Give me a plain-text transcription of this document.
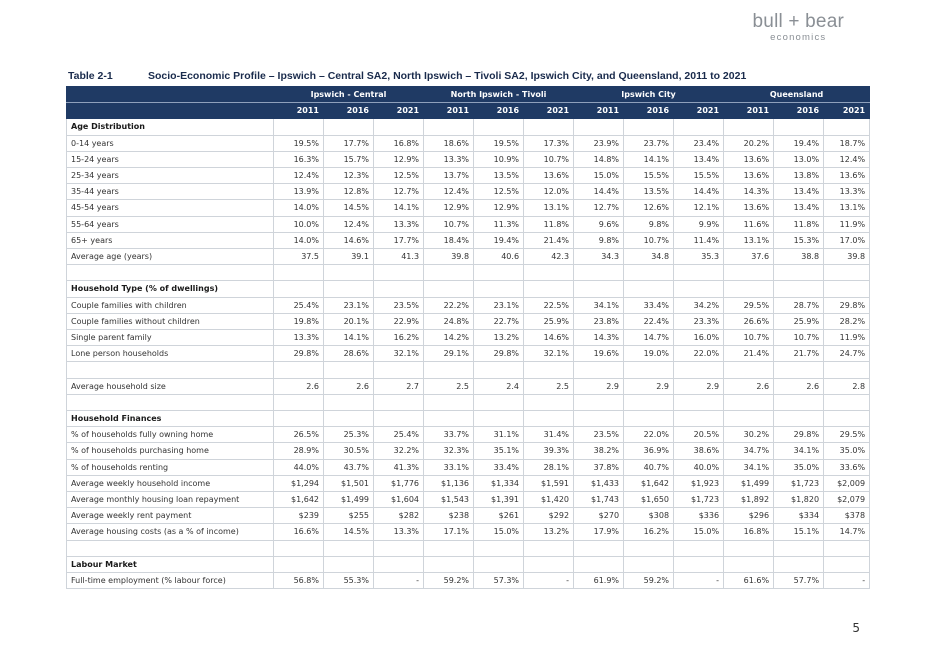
bull + bear
economics
Table 2-1	Socio-Economic Profile – Ipswich – Central SA2, North Ipswich – Tivoli SA2, Ipswich City, and Queensland, 2011 to 2021
	Ipswich - Central			North Ipswich - Tivoli			Ipswich City			Queensland		
	2011	2016	2021	2011	2016	2021	2011	2016	2021	2011	2016	2021
Age Distribution												
0-14 years	19.5%	17.7%	16.8%	18.6%	19.5%	17.3%	23.9%	23.7%	23.4%	20.2%	19.4%	18.7%
15-24 years	16.3%	15.7%	12.9%	13.3%	10.9%	10.7%	14.8%	14.1%	13.4%	13.6%	13.0%	12.4%
25-34 years	12.4%	12.3%	12.5%	13.7%	13.5%	13.6%	15.0%	15.5%	15.5%	13.6%	13.8%	13.6%
35-44 years	13.9%	12.8%	12.7%	12.4%	12.5%	12.0%	14.4%	13.5%	14.4%	14.3%	13.4%	13.3%
45-54 years	14.0%	14.5%	14.1%	12.9%	12.9%	13.1%	12.7%	12.6%	12.1%	13.6%	13.4%	13.1%
55-64 years	10.0%	12.4%	13.3%	10.7%	11.3%	11.8%	9.6%	9.8%	9.9%	11.6%	11.8%	11.9%
65+ years	14.0%	14.6%	17.7%	18.4%	19.4%	21.4%	9.8%	10.7%	11.4%	13.1%	15.3%	17.0%
Average age (years)	37.5	39.1	41.3	39.8	40.6	42.3	34.3	34.8	35.3	37.6	38.8	39.8

Household Type (% of dwellings)												
Couple families with children	25.4%	23.1%	23.5%	22.2%	23.1%	22.5%	34.1%	33.4%	34.2%	29.5%	28.7%	29.8%
Couple families without children	19.8%	20.1%	22.9%	24.8%	22.7%	25.9%	23.8%	22.4%	23.3%	26.6%	25.9%	28.2%
Single parent family	13.3%	14.1%	16.2%	14.2%	13.2%	14.6%	14.3%	14.7%	16.0%	10.7%	10.7%	11.9%
Lone person households	29.8%	28.6%	32.1%	29.1%	29.8%	32.1%	19.6%	19.0%	22.0%	21.4%	21.7%	24.7%

Average household size	2.6	2.6	2.7	2.5	2.4	2.5	2.9	2.9	2.9	2.6	2.6	2.8

Household Finances												
% of households fully owning home	26.5%	25.3%	25.4%	33.7%	31.1%	31.4%	23.5%	22.0%	20.5%	30.2%	29.8%	29.5%
% of households purchasing home	28.9%	30.5%	32.2%	32.3%	35.1%	39.3%	38.2%	36.9%	38.6%	34.7%	34.1%	35.0%
% of households renting	44.0%	43.7%	41.3%	33.1%	33.4%	28.1%	37.8%	40.7%	40.0%	34.1%	35.0%	33.6%
Average weekly household income	$1,294	$1,501	$1,776	$1,136	$1,334	$1,591	$1,433	$1,642	$1,923	$1,499	$1,723	$2,009
Average monthly housing loan repayment	$1,642	$1,499	$1,604	$1,543	$1,391	$1,420	$1,743	$1,650	$1,723	$1,892	$1,820	$2,079
Average weekly rent payment	$239	$255	$282	$238	$261	$292	$270	$308	$336	$296	$334	$378
Average housing costs (as a % of income)	16.6%	14.5%	13.3%	17.1%	15.0%	13.2%	17.9%	16.2%	15.0%	16.8%	15.1%	14.7%

Labour Market												
Full-time employment (% labour force)	56.8%	55.3%	-	59.2%	57.3%	-	61.9%	59.2%	-	61.6%	57.7%	-
5
